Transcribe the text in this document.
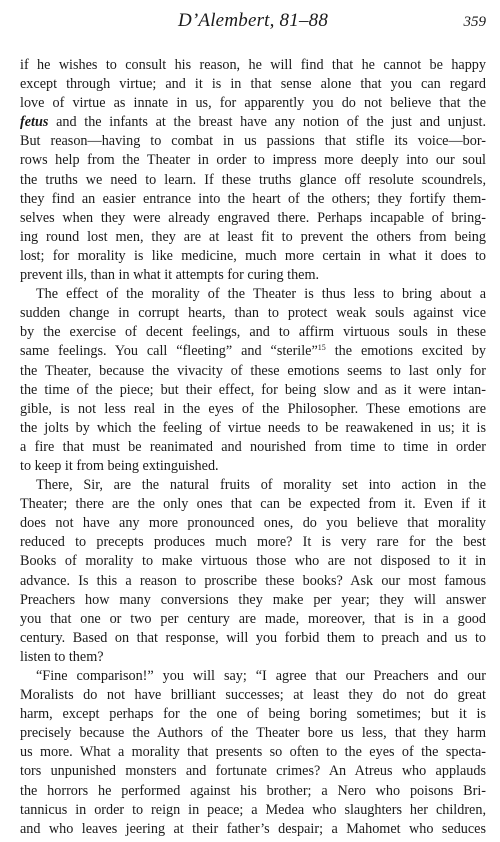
D’Alembert, 81–88	359
if he wishes to consult his reason, he will find that he cannot be happy
except through virtue; and it is in that sense alone that you can regard
love of virtue as innate in us, for apparently you do not believe that the
fetus and the infants at the breast have any notion of the just and unjust.
But reason—having to combat in us passions that stifle its voice—bor-
rows help from the Theater in order to impress more deeply into our soul
the truths we need to learn. If these truths glance off resolute scoundrels,
they find an easier entrance into the heart of the others; they fortify them-
selves when they were already engraved there. Perhaps incapable of bring-
ing round lost men, they are at least fit to prevent the others from being
lost; for morality is like medicine, much more certain in what it does to
prevent ills, than in what it attempts for curing them.
The effect of the morality of the Theater is thus less to bring about a
sudden change in corrupt hearts, than to protect weak souls against vice
by the exercise of decent feelings, and to affirm virtuous souls in these
same feelings. You call “fleeting” and “sterile”$^{15}$ the emotions excited by
the Theater, because the vivacity of these emotions seems to last only for
the time of the piece; but their effect, for being slow and as it were intan-
gible, is not less real in the eyes of the Philosopher. These emotions are
the jolts by which the feeling of virtue needs to be reawakened in us; it is
a fire that must be reanimated and nourished from time to time in order
to keep it from being extinguished.
There, Sir, are the natural fruits of morality set into action in the
Theater; there are the only ones that can be expected from it. Even if it
does not have any more pronounced ones, do you believe that morality
reduced to precepts produces much more? It is very rare for the best
Books of morality to make virtuous those who are not disposed to it in
advance. Is this a reason to proscribe these books? Ask our most famous
Preachers how many conversions they make per year; they will answer
you that one or two per century are made, moreover, that is in a good
century. Based on that response, will you forbid them to preach and us to
listen to them?
“Fine comparison!” you will say; “I agree that our Preachers and our
Moralists do not have brilliant successes; at least they do not do great
harm, except perhaps for the one of being boring sometimes; but it is
precisely because the Authors of the Theater bore us less, that they harm
us more. What a morality that presents so often to the eyes of the specta-
tors unpunished monsters and fortunate crimes? An Atreus who applauds
the horrors he performed against his brother; a Nero who poisons Bri-
tannicus in order to reign in peace; a Medea who slaughters her children,
and who leaves jeering at their father’s despair; a Mahomet who seduces
